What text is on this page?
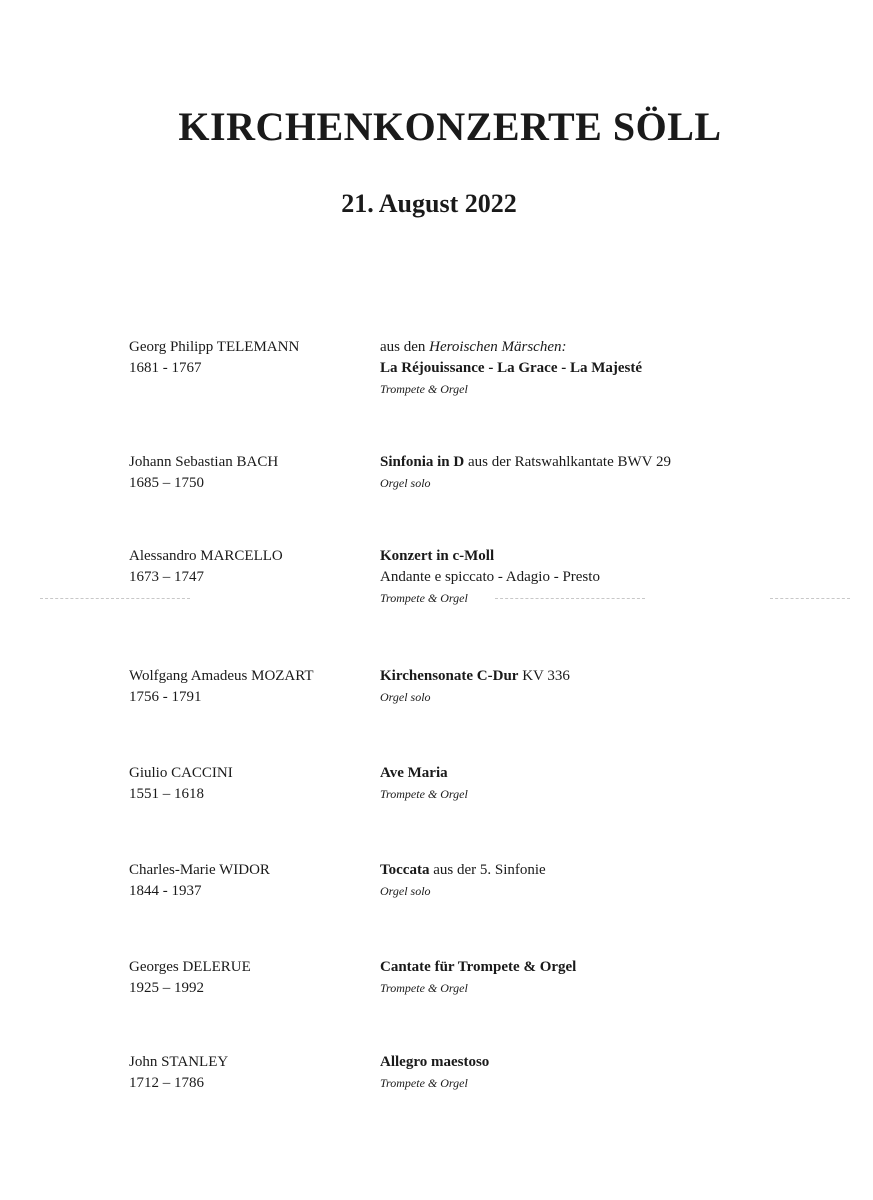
KIRCHENKONZERTE SÖLL
21. August 2022
Georg Philipp TELEMANN
1681 - 1767
aus den Heroischen Märschen:
La Réjouissance - La Grace - La Majesté
Trompete & Orgel
Johann Sebastian BACH
1685 – 1750
Sinfonia in D aus der Ratswahlkantate BWV 29
Orgel solo
Alessandro MARCELLO
1673 – 1747
Konzert in c-Moll
Andante e spiccato - Adagio - Presto
Trompete & Orgel
Wolfgang Amadeus MOZART
1756 - 1791
Kirchensonate C-Dur KV 336
Orgel solo
Giulio CACCINI
1551 – 1618
Ave Maria
Trompete & Orgel
Charles-Marie WIDOR
1844 - 1937
Toccata aus der 5. Sinfonie
Orgel solo
Georges DELERUE
1925 – 1992
Cantate für Trompete & Orgel
Trompete & Orgel
John STANLEY
1712 – 1786
Allegro maestoso
Trompete & Orgel
